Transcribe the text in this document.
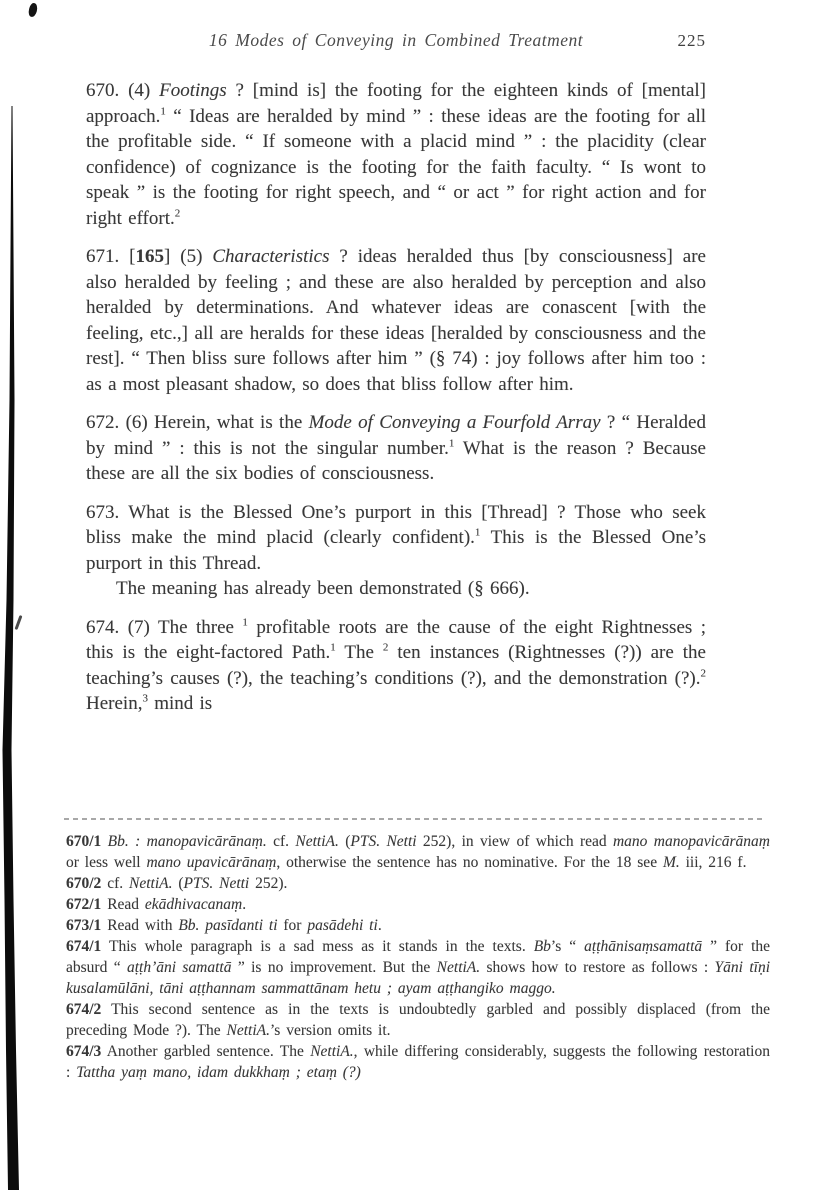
16 Modes of Conveying in Combined Treatment	225

670. (4) Footings ? [mind is] the footing for the eighteen kinds of [mental] approach.$^1$ “ Ideas are heralded by mind ” : these ideas are the footing for all the profitable side. “ If someone with a placid mind ” : the placidity (clear confidence) of cognizance is the footing for the faith faculty. “ Is wont to speak ” is the footing for right speech, and “ or act ” for right action and for right effort.$^2$

671. [165] (5) Characteristics ? ideas heralded thus [by consciousness] are also heralded by feeling ; and these are also heralded by perception and also heralded by determinations. And whatever ideas are conascent [with the feeling, etc.,] all are heralds for these ideas [heralded by consciousness and the rest]. “ Then bliss sure follows after him ” (§ 74) : joy follows after him too : as a most pleasant shadow, so does that bliss follow after him.

672. (6) Herein, what is the Mode of Conveying a Fourfold Array ? “ Heralded by mind ” : this is not the singular number.$^1$ What is the reason ? Because these are all the six bodies of consciousness.

673. What is the Blessed One’s purport in this [Thread] ? Those who seek bliss make the mind placid (clearly confident).$^1$ This is the Blessed One’s purport in this Thread.

The meaning has already been demonstrated (§ 666).

674. (7) The three $^1$ profitable roots are the cause of the eight Rightnesses ; this is the eight-factored Path.$^1$ The $^2$ ten instances (Rightnesses (?)) are the teaching’s causes (?), the teaching’s conditions (?), and the demonstration (?).$^2$ Herein,$^3$ mind is

670/1 Bb. : manopavicārānaṃ. cf. NettiA. (PTS. Netti 252), in view of which read mano manopavicārānaṃ or less well mano upavicārānaṃ, otherwise the sentence has no nominative. For the 18 see M. iii, 216 f.

670/2 cf. NettiA. (PTS. Netti 252).

672/1 Read ekādhivacanaṃ.

673/1 Read with Bb. pasīdanti ti for pasādehi ti.

674/1 This whole paragraph is a sad mess as it stands in the texts. Bb’s “ aṭṭhānisaṃsamattā ” for the absurd “ aṭṭh’āni samattā ” is no improvement. But the NettiA. shows how to restore as follows : Yāni tīṇi kusalamūlāni, tāni aṭṭhannam sammattānam hetu ; ayam aṭṭhangiko maggo.

674/2 This second sentence as in the texts is undoubtedly garbled and possibly displaced (from the preceding Mode ?). The NettiA.’s version omits it.

674/3 Another garbled sentence. The NettiA., while differing considerably, suggests the following restoration : Tattha yaṃ mano, idam dukkhaṃ ; etaṃ (?)
